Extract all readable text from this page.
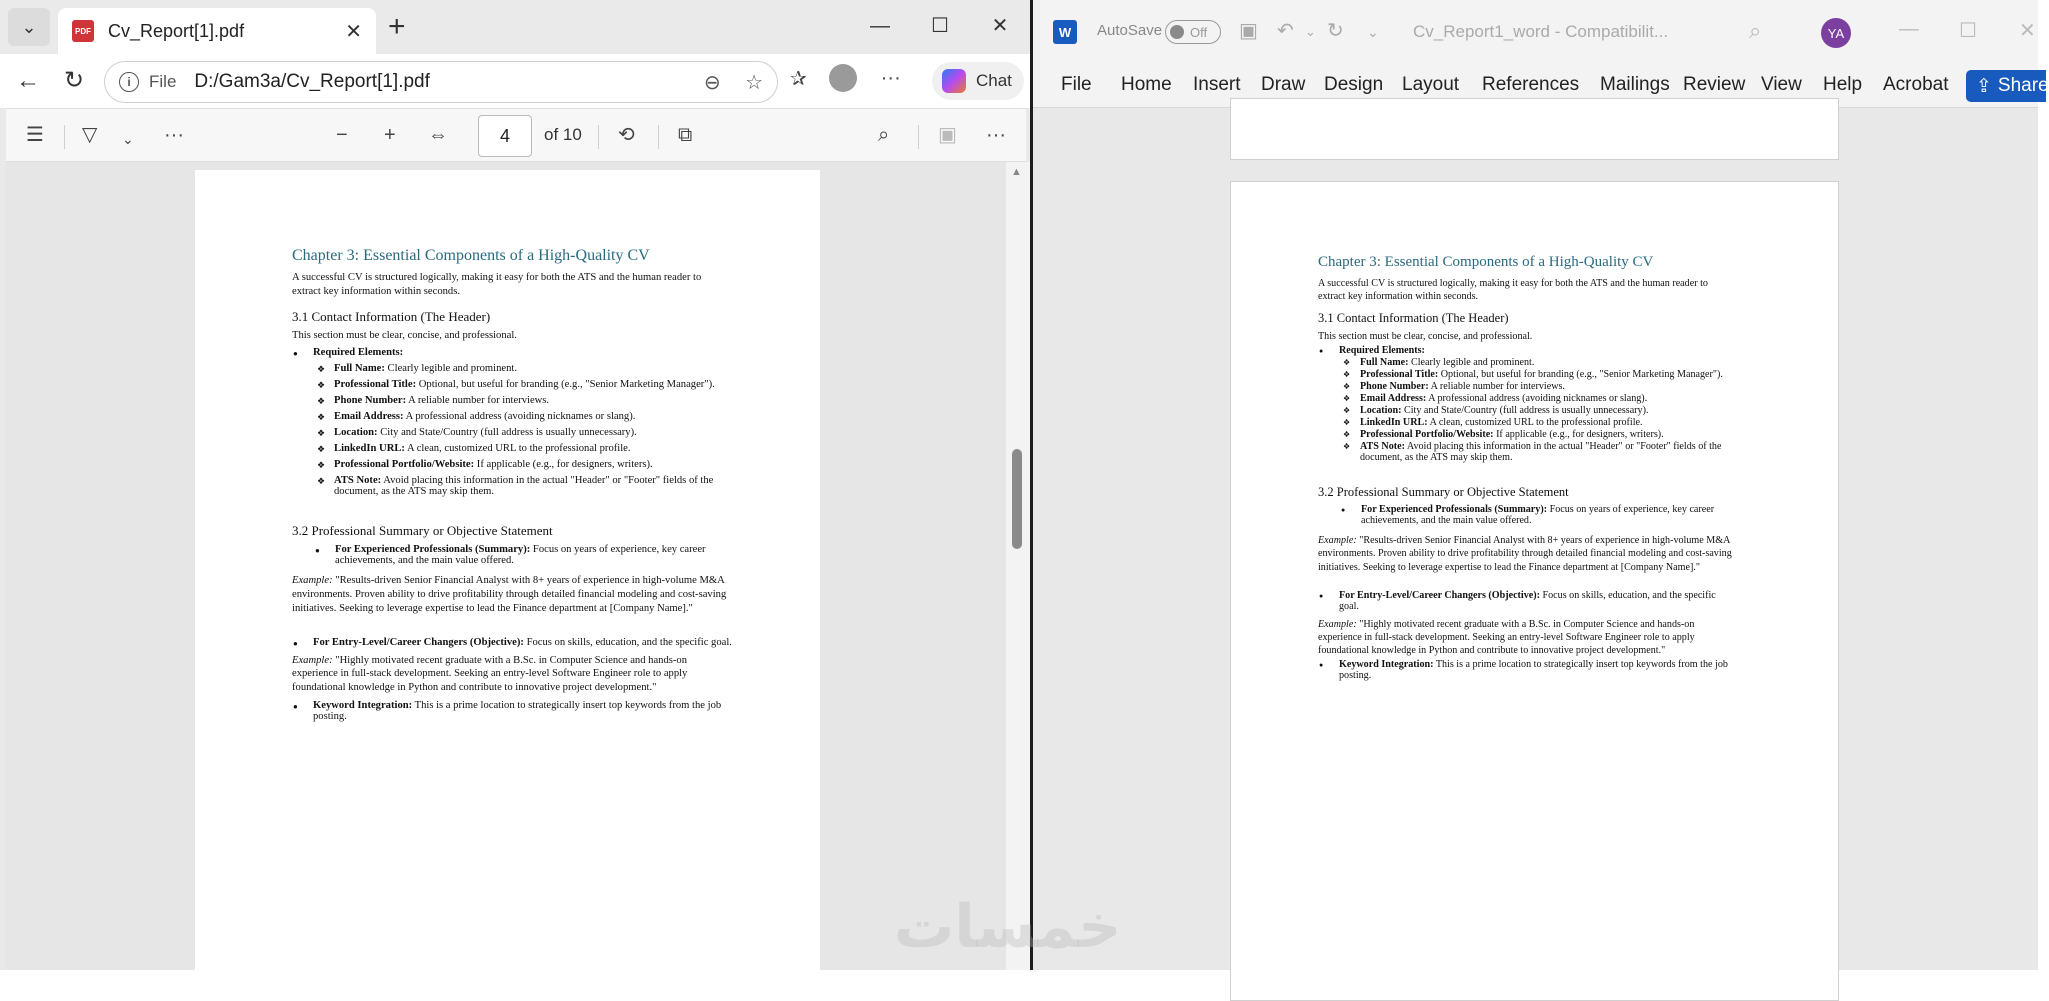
⌄	PDF Cv_Report[1].pdf	✕ +	—	☐	✕
← ↻	i	File D:/Gam3a/Cv_Report[1].pdf	⊖ ☆ ✰	···	Chat
☰ ▽ ⌄ ···	− + ⇔	4	of 10 ⟲ ⧉	⌕ ▣ ···
Chapter 3: Essential Components of a High-Quality CV

A successful CV is structured logically, making it easy for both the ATS and the human reader to extract key information within seconds.

3.1 Contact Information (The Header)

This section must be clear, concise, and professional.

● Required Elements:
❖ Full Name: Clearly legible and prominent.
❖ Professional Title: Optional, but useful for branding (e.g., "Senior Marketing Manager").
❖ Phone Number: A reliable number for interviews.
❖ Email Address: A professional address (avoiding nicknames or slang).
❖ Location: City and State/Country (full address is usually unnecessary).
❖ LinkedIn URL: A clean, customized URL to the professional profile.
❖ Professional Portfolio/Website: If applicable (e.g., for designers, writers).
❖ ATS Note: Avoid placing this information in the actual "Header" or "Footer" fields of the document, as the ATS may skip them.
3.2 Professional Summary or Objective Statement
● For Experienced Professionals (Summary): Focus on years of experience, key career achievements, and the main value offered.

Example: "Results-driven Senior Financial Analyst with 8+ years of experience in high-volume M&A environments. Proven ability to drive profitability through detailed financial modeling and cost-saving initiatives. Seeking to leverage expertise to lead the Finance department at [Company Name]."

● For Entry-Level/Career Changers (Objective): Focus on skills, education, and the specific goal.

Example: "Highly motivated recent graduate with a B.Sc. in Computer Science and hands-on experience in full-stack development. Seeking an entry-level Software Engineer role to apply foundational knowledge in Python and contribute to innovative project development."

● Keyword Integration: This is a prime location to strategically insert top keywords from the job posting.
▲
W	AutoSave Off ▣ ↶ ⌄ ↻ ⌄ Cv_Report1_word - Compatibilit...	⌕	YA	— ☐ ✕
File Home Insert Draw Design Layout References Mailings Review View Help Acrobat ⇪ Share
Chapter 3: Essential Components of a High-Quality CV

A successful CV is structured logically, making it easy for both the ATS and the human reader to extract key information within seconds.

3.1 Contact Information (The Header)

This section must be clear, concise, and professional.

● Required Elements:
❖ Full Name: Clearly legible and prominent.
❖ Professional Title: Optional, but useful for branding (e.g., "Senior Marketing Manager").
❖ Phone Number: A reliable number for interviews.
❖ Email Address: A professional address (avoiding nicknames or slang).
❖ Location: City and State/Country (full address is usually unnecessary).
❖ LinkedIn URL: A clean, customized URL to the professional profile.
❖ Professional Portfolio/Website: If applicable (e.g., for designers, writers).
❖ ATS Note: Avoid placing this information in the actual "Header" or "Footer" fields of the document, as the ATS may skip them.
3.2 Professional Summary or Objective Statement
● For Experienced Professionals (Summary): Focus on years of experience, key career achievements, and the main value offered.

Example: "Results-driven Senior Financial Analyst with 8+ years of experience in high-volume M&A environments. Proven ability to drive profitability through detailed financial modeling and cost-saving initiatives. Seeking to leverage expertise to lead the Finance department at [Company Name]."

● For Entry-Level/Career Changers (Objective): Focus on skills, education, and the specific goal.

Example: "Highly motivated recent graduate with a B.Sc. in Computer Science and hands-on experience in full-stack development. Seeking an entry-level Software Engineer role to apply foundational knowledge in Python and contribute to innovative project development."

● Keyword Integration: This is a prime location to strategically insert top keywords from the job posting.
خمسات
